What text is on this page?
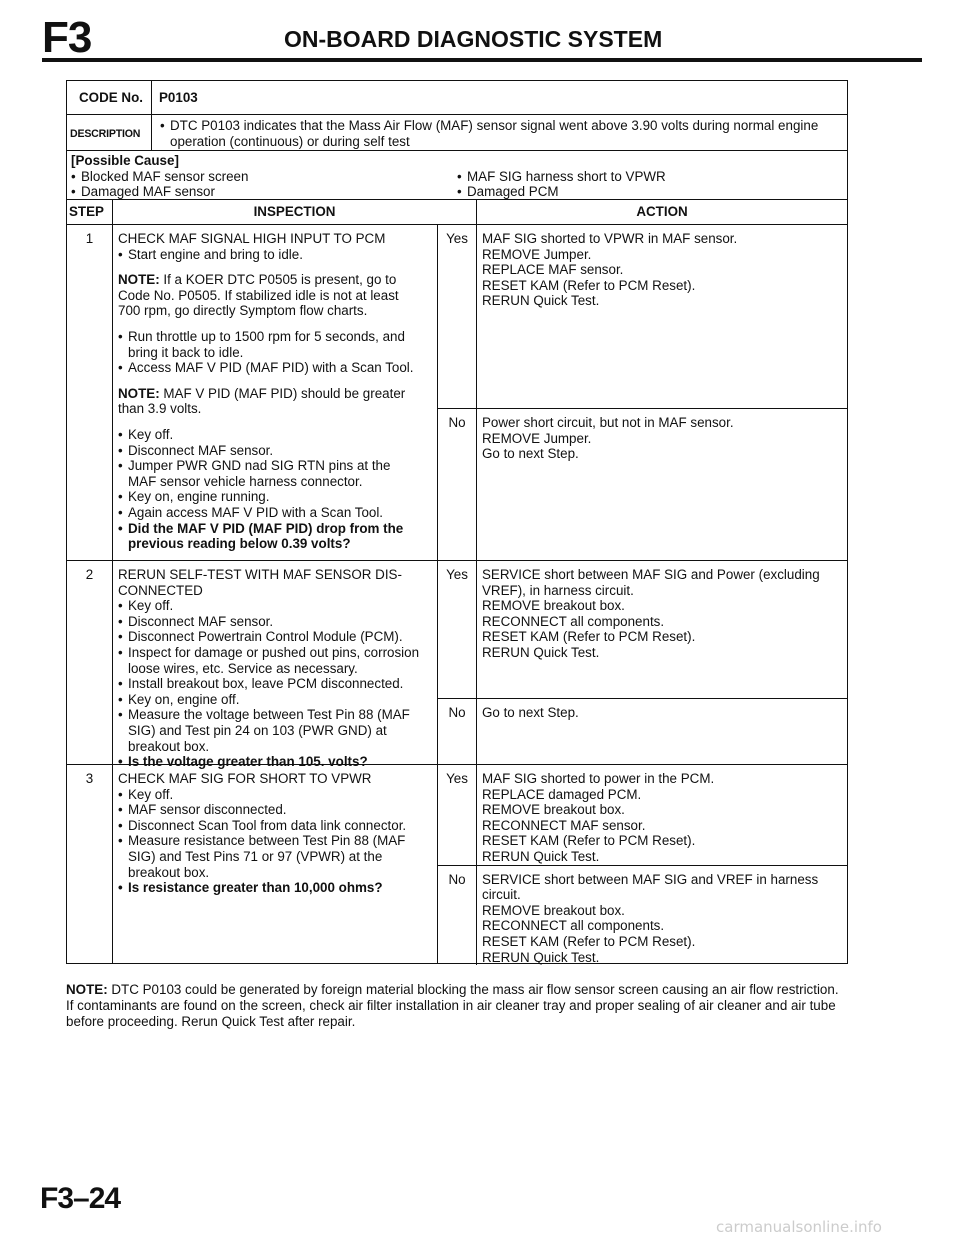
F3	ON-BOARD DIAGNOSTIC SYSTEM
CODE No.	P0103
DESCRIPTION
• DTC P0103 indicates that the Mass Air Flow (MAF) sensor signal went above 3.90 volts during normal engine
operation (continuous) or during self test
[Possible Cause]
• Blocked MAF sensor screen
• Damaged MAF sensor
• MAF SIG harness short to VPWR
• Damaged PCM
STEP	INSPECTION	ACTION
1	CHECK MAF SIGNAL HIGH INPUT TO PCM
• Start engine and bring to idle.
NOTE: If a KOER DTC P0505 is present, go to
Code No. P0505. If stabilized idle is not at least
700 rpm, go directly Symptom flow charts.
• Run throttle up to 1500 rpm for 5 seconds, and
bring it back to idle.
• Access MAF V PID (MAF PID) with a Scan Tool.
NOTE: MAF V PID (MAF PID) should be greater
than 3.9 volts.
• Key off.
• Disconnect MAF sensor.
• Jumper PWR GND nad SIG RTN pins at the
MAF sensor vehicle harness connector.
• Key on, engine running.
• Again access MAF V PID with a Scan Tool.
• Did the MAF V PID (MAF PID) drop from the
previous reading below 0.39 volts?
Yes	MAF SIG shorted to VPWR in MAF sensor.
REMOVE Jumper.
REPLACE MAF sensor.
RESET KAM (Refer to PCM Reset).
RERUN Quick Test.
No	Power short circuit, but not in MAF sensor.
REMOVE Jumper.
Go to next Step.
2	RERUN SELF-TEST WITH MAF SENSOR DIS-
CONNECTED
• Key off.
• Disconnect MAF sensor.
• Disconnect Powertrain Control Module (PCM).
• Inspect for damage or pushed out pins, corrosion
loose wires, etc. Service as necessary.
• Install breakout box, leave PCM disconnected.
• Key on, engine off.
• Measure the voltage between Test Pin 88 (MAF
SIG) and Test pin 24 on 103 (PWR GND) at
breakout box.
• Is the voltage greater than 105. volts?
Yes	SERVICE short between MAF SIG and Power (excluding
VREF), in harness circuit.
REMOVE breakout box.
RECONNECT all components.
RESET KAM (Refer to PCM Reset).
RERUN Quick Test.
No	Go to next Step.
3	CHECK MAF SIG FOR SHORT TO VPWR
• Key off.
• MAF sensor disconnected.
• Disconnect Scan Tool from data link connector.
• Measure resistance between Test Pin 88 (MAF
SIG) and Test Pins 71 or 97 (VPWR) at the
breakout box.
• Is resistance greater than 10,000 ohms?
Yes	MAF SIG shorted to power in the PCM.
REPLACE damaged PCM.
REMOVE breakout box.
RECONNECT MAF sensor.
RESET KAM (Refer to PCM Reset).
RERUN Quick Test.
No	SERVICE short between MAF SIG and VREF in harness
circuit.
REMOVE breakout box.
RECONNECT all components.
RESET KAM (Refer to PCM Reset).
RERUN Quick Test.
NOTE: DTC P0103 could be generated by foreign material blocking the mass air flow sensor screen causing an air flow restriction.
If contaminants are found on the screen, check air filter installation in air cleaner tray and proper sealing of air cleaner and air tube
before proceeding. Rerun Quick Test after repair.
F3–24
carmanualsonline.info
